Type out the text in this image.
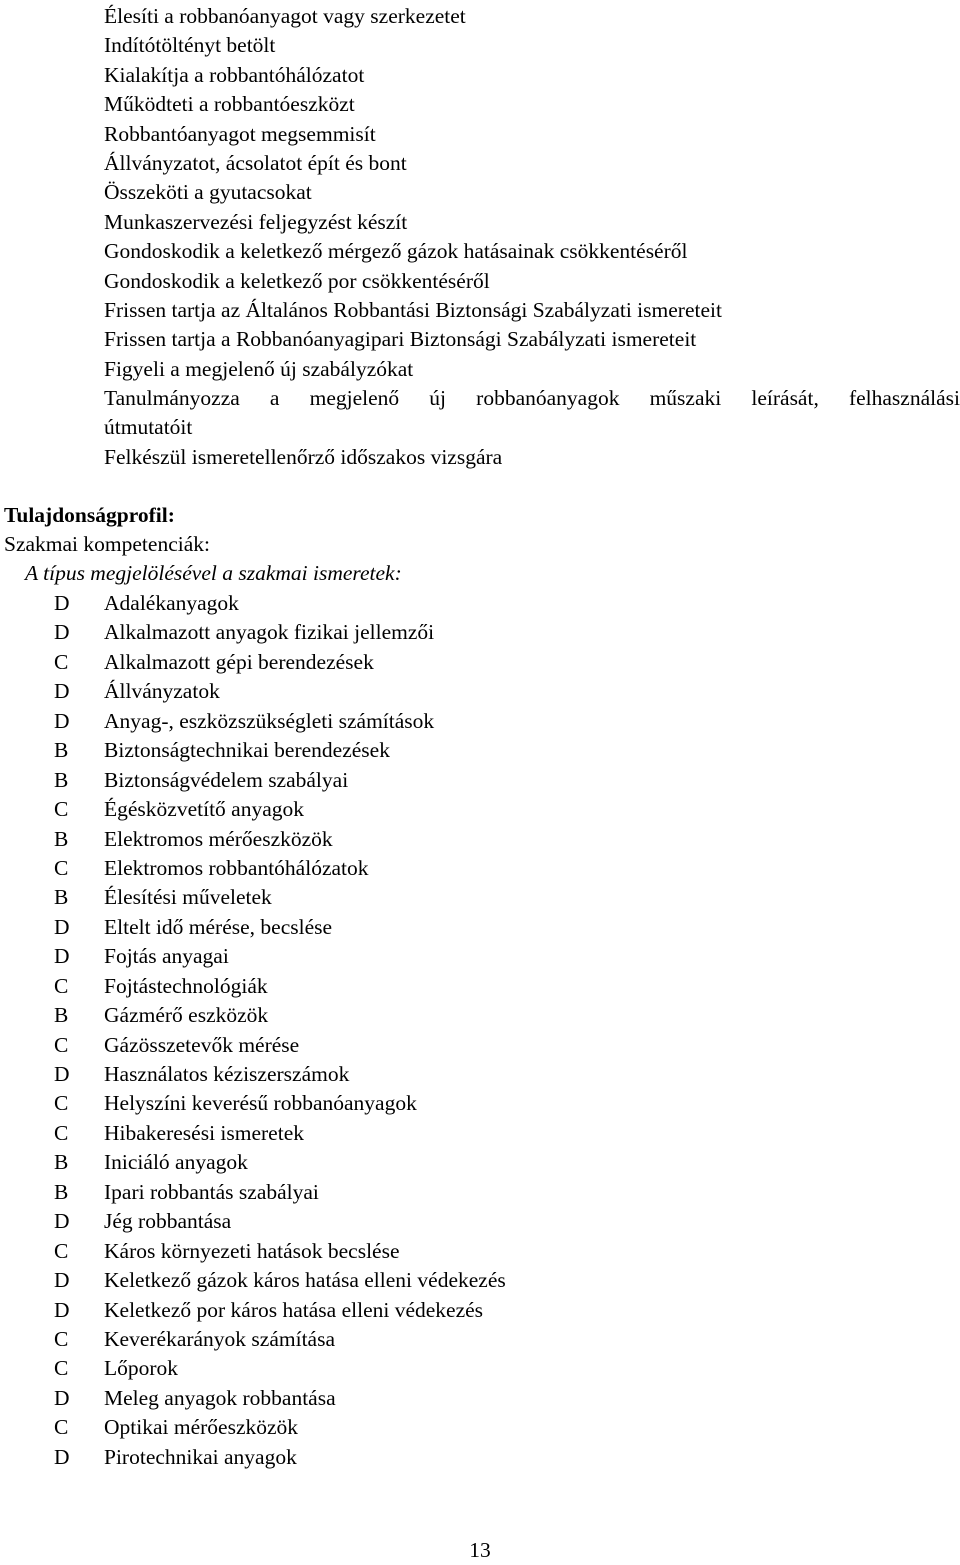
Élesíti a robbanóanyagot vagy szerkezetet
Indítótöltényt betölt
Kialakítja a robbantóhálózatot
Működteti a robbantóeszközt
Robbantóanyagot megsemmisít
Állványzatot, ácsolatot épít és bont
Összeköti a gyutacsokat
Munkaszervezési feljegyzést készít
Gondoskodik a keletkező mérgező gázok hatásainak csökkentéséről
Gondoskodik a keletkező por csökkentéséről
Frissen tartja az Általános Robbantási Biztonsági Szabályzati ismereteit
Frissen tartja a Robbanóanyagipari Biztonsági Szabályzati ismereteit
Figyeli a megjelenő új szabályzókat
Tanulmányozza a megjelenő új robbanóanyagok műszaki leírását, felhasználási
útmutatóit
Felkészül ismeretellenőrző időszakos vizsgára
Tulajdonságprofil:
Szakmai kompetenciák:
A típus megjelölésével a szakmai ismeretek:
D	Adalékanyagok
D	Alkalmazott anyagok fizikai jellemzői
C	Alkalmazott gépi berendezések
D	Állványzatok
D	Anyag-, eszközszükségleti számítások
B	Biztonságtechnikai berendezések
B	Biztonságvédelem szabályai
C	Égésközvetítő anyagok
B	Elektromos mérőeszközök
C	Elektromos robbantóhálózatok
B	Élesítési műveletek
D	Eltelt idő mérése, becslése
D	Fojtás anyagai
C	Fojtástechnológiák
B	Gázmérő eszközök
C	Gázösszetevők mérése
D	Használatos kéziszerszámok
C	Helyszíni keverésű robbanóanyagok
C	Hibakeresési ismeretek
B	Iniciáló anyagok
B	Ipari robbantás szabályai
D	Jég robbantása
C	Káros környezeti hatások becslése
D	Keletkező gázok káros hatása elleni védekezés
D	Keletkező por káros hatása elleni védekezés
C	Keverékarányok számítása
C	Lőporok
D	Meleg anyagok robbantása
C	Optikai mérőeszközök
D	Pirotechnikai anyagok
13
